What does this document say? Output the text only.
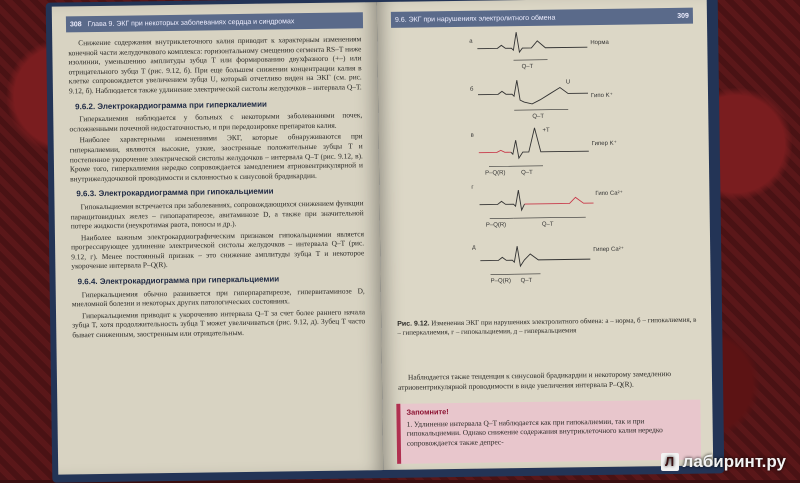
308 Глава 9. ЭКГ при некоторых заболеваниях сердца и синдромах

Снижение содержания внутриклеточного калия приводит к характерным изменениям конечной части желудочкового комплекса: горизонтальному смещению сегмента RS–T ниже изолинии, уменьшению амплитуды зубца T или формированию двухфазного (+–) или отрицательного зубца T (рис. 9.12, б). При еще большем снижении концентрации калия в клетке сопровождается увеличением зубца U, который отчетливо виден на ЭКГ (см. рис. 9.12, б). Наблюдается также удлинение электрической систолы желудочков – интервала Q–T.

9.6.2. Электрокардиограмма при гиперкалиемии

Гиперкалиемия наблюдается у больных с некоторыми заболеваниями почек, осложненными почечной недостаточностью, и при передозировке препаратов калия.

Наиболее характерными изменениями ЭКГ, которые обнаруживаются при гиперкалиемии, являются высокие, узкие, заостренные положительные зубцы T и постепенное укорочение электрической систолы желудочков – интервала Q–T (рис. 9.12, в). Кроме того, гиперкалиемия нередко сопровождается замедлением атриовентрикулярной и внутрижелудочковой проводимости и склонностью к синусовой брадикардии.

9.6.3. Электрокардиограмма при гипокальциемии

Гипокальциемия встречается при заболеваниях, сопровождающихся снижением функции паращитовидных желез – гипопаратиреозе, авитаминозе D, а также при значительной потере жидкости (неукротимая рвота, поносы и др.).

Наиболее важным электрокардиографическим признаком гипокальциемии является прогрессирующее удлинение электрической систолы желудочков – интервала Q–T (рис. 9.12, г). Менее постоянный признак – это снижение амплитуды зубца T и некоторое укорочение интервала P–Q(R).

9.6.4. Электрокардиограмма при гиперкальциемии

Гиперкальциемия обычно развивается при гиперпаратиреозе, гипервитаминозе D, миеломной болезни и некоторых других патологических состояниях.

Гиперкальциемия приводит к укорочению интервала Q–T за счет более раннего начала зубца T, хотя продолжительность зубца T может увеличиваться (рис. 9.12, д). Зубец T часто бывает сниженным, заостренным или отрицательным.

9.6. ЭКГ при нарушениях электролитного обмена	309
а	Норма
Q–T
б
U
Гипо K⁺
Q–T
в
+T
Гипер K⁺
P–Q(R)	Q–T
г
Гипо Ca²⁺
P–Q(R)	Q–T
д	Гипер Ca²⁺
P–Q(R) Q–T
Рис. 9.12. Изменения ЭКГ при нарушениях электролитного обмена: а – норма, б – гипокалиемия, в – гиперкалиемия, г – гипокальциемия, д – гиперкальциемия

Наблюдается также тенденция к синусовой брадикардии и некоторому замедлению атриовентрикулярной проводимости в виде увеличения интервала P–Q(R).

Запомните!
1. Удлинение интервала Q–T наблюдается как при гипокалиемии, так и при гипокальциемии. Однако снижение содержания внутриклеточного калия нередко сопровождается также депрес-
Л лабиринт.ру
